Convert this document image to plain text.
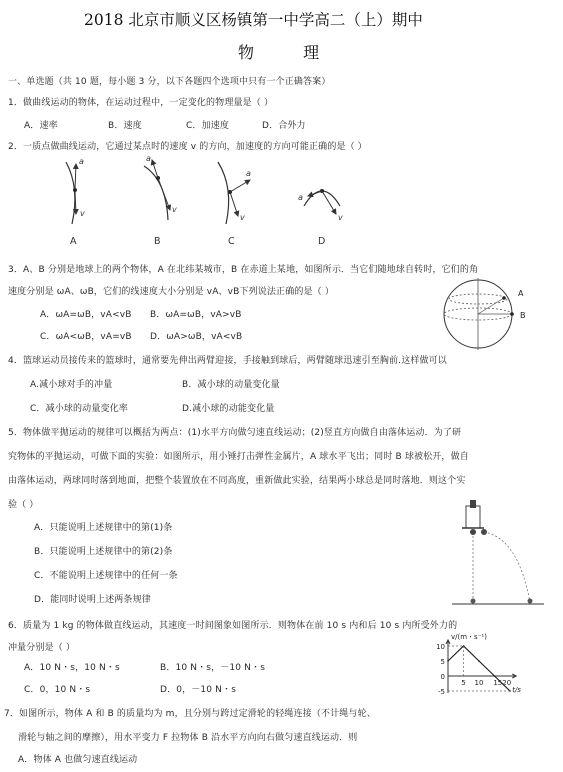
2018 北京市顺义区杨镇第一中学高二（上）期中
物 理
一、单选题（共 10 题，每小题 3 分，以下各题四个选项中只有一个正确答案）
1．做曲线运动的物体，在运动过程中，一定变化的物理量是（ ）
A．速率	B．速度	C．加速度	D．合外力
2．一质点做曲线运动，它通过某点时的速度 v 的方向，加速度的方向可能正确的是（ ）
a
v
a
v
a
v
a
v
A	B	C	D
3．A、B 分别是地球上的两个物体，A 在北纬某城市，B 在赤道上某地，如图所示．当它们随地球自转时，它们的角
速度分别是 ωA、ωB，它们的线速度大小分别是 vA、vB下列说法正确的是（ ）
A．ωA=ωB，vA<vB B．ωA=ωB，vA>vB
C．ωA<ωB，vA=vB D．ωA>ωB，vA<vB
A
B
4．篮球运动员接传来的篮球时，通常要先伸出两臂迎接，手接触到球后，两臂随球迅速引至胸前.这样做可以
A.减小球对手的冲量	B．减小球的动量变化量
C．减小球的动量变化率	D.减小球的动能变化量
5．物体做平抛运动的规律可以概括为两点：(1)水平方向做匀速直线运动；(2)竖直方向做自由落体运动．为了研
究物体的平抛运动，可做下面的实验：如图所示，用小锤打击弹性金属片，A 球水平飞出；同时 B 球被松开，做自
由落体运动，两球同时落到地面，把整个装置放在不同高度，重新做此实验，结果两小球总是同时落地．则这个实
验（ ）
A．只能说明上述规律中的第(1)条
B．只能说明上述规律中的第(2)条
C．不能说明上述规律中的任何一条
D．能同时说明上述两条规律
6．质量为 1 kg 的物体做直线运动，其速度一时间图象如图所示．则物体在前 10 s 内和后 10 s 内所受外力的
冲量分别是（ ）
A．10 N・s，10 N・s	B．10 N・s，－10 N・s
C．0，10 N・s	D．0，－10 N・s
10
5
0
-5
5 10 1520
v/(m・s⁻¹)
t/s
7．如图所示，物体 A 和 B 的质量均为 m，且分别与跨过定滑轮的轻绳连接（不计绳与轮、
滑轮与轴之间的摩擦），用水平变力 F 拉物体 B 沿水平方向向右做匀速直线运动．则
A．物体 A 也做匀速直线运动
